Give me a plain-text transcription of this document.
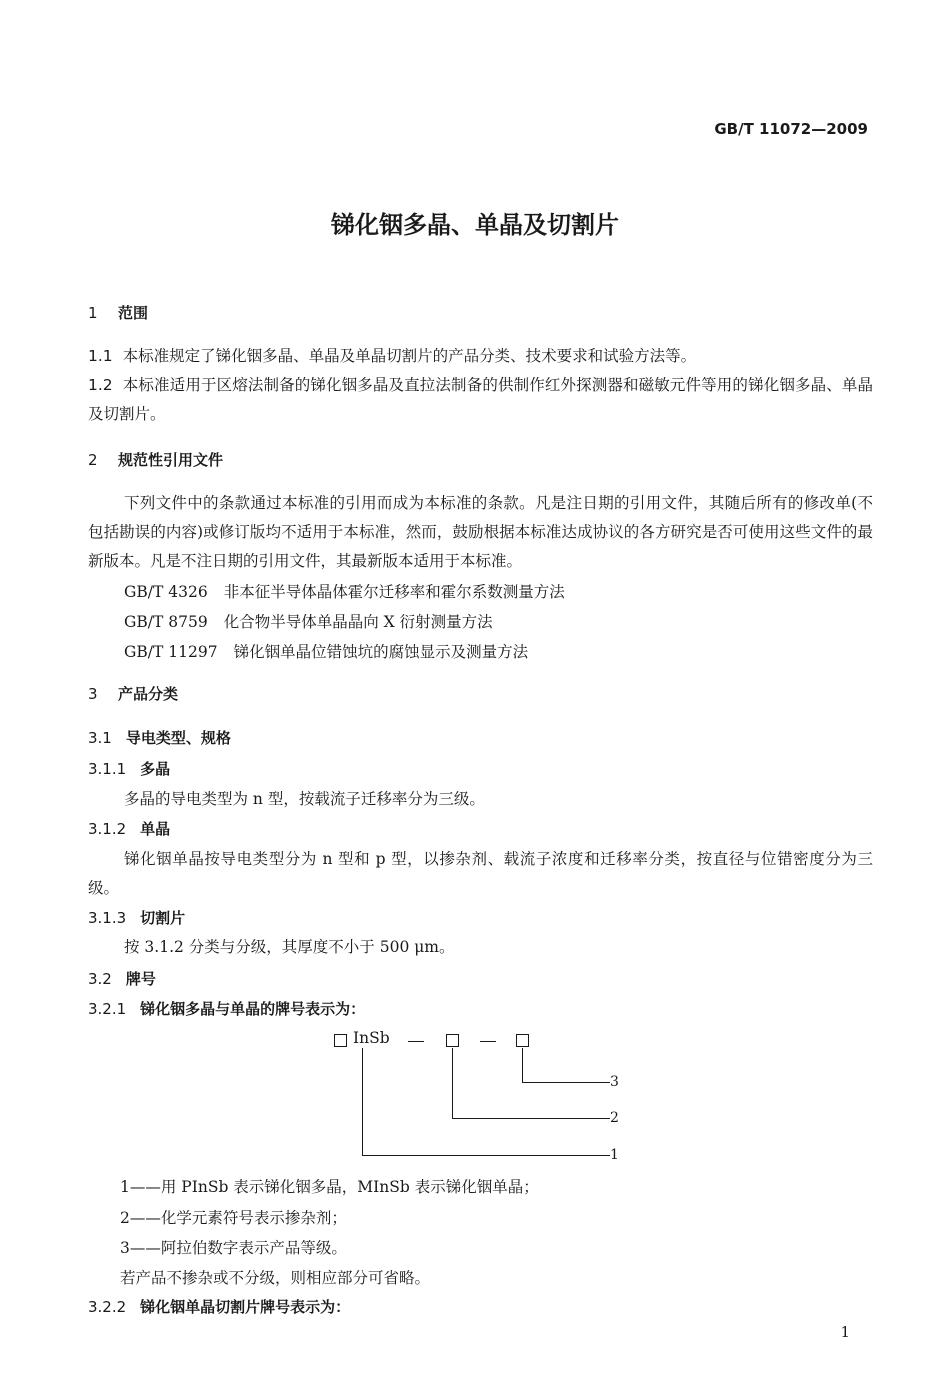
GB/T 11072—2009
锑化铟多晶、单晶及切割片
1 范围
1.1 本标准规定了锑化铟多晶、单晶及单晶切割片的产品分类、技术要求和试验方法等。
1.2 本标准适用于区熔法制备的锑化铟多晶及直拉法制备的供制作红外探测器和磁敏元件等用的锑化铟多晶、单晶及切割片。
2 规范性引用文件
下列文件中的条款通过本标准的引用而成为本标准的条款。凡是注日期的引用文件，其随后所有的修改单(不包括勘误的内容)或修订版均不适用于本标准，然而，鼓励根据本标准达成协议的各方研究是否可使用这些文件的最新版本。凡是不注日期的引用文件，其最新版本适用于本标准。
GB/T 4326 非本征半导体晶体霍尔迁移率和霍尔系数测量方法
GB/T 8759 化合物半导体单晶晶向 X 衍射测量方法
GB/T 11297 锑化铟单晶位错蚀坑的腐蚀显示及测量方法
3 产品分类
3.1 导电类型、规格
3.1.1 多晶
多晶的导电类型为 n 型，按载流子迁移率分为三级。
3.1.2 单晶
锑化铟单晶按导电类型分为 n 型和 p 型，以掺杂剂、载流子浓度和迁移率分类，按直径与位错密度分为三级。
3.1.3 切割片
按 3.1.2 分类与分级，其厚度不小于 500 μm。
3.2 牌号
3.2.1 锑化铟多晶与单晶的牌号表示为：
InSb
3
2
1
1——用 PInSb 表示锑化铟多晶，MInSb 表示锑化铟单晶；
2——化学元素符号表示掺杂剂；
3——阿拉伯数字表示产品等级。
若产品不掺杂或不分级，则相应部分可省略。
3.2.2 锑化铟单晶切割片牌号表示为：
1
